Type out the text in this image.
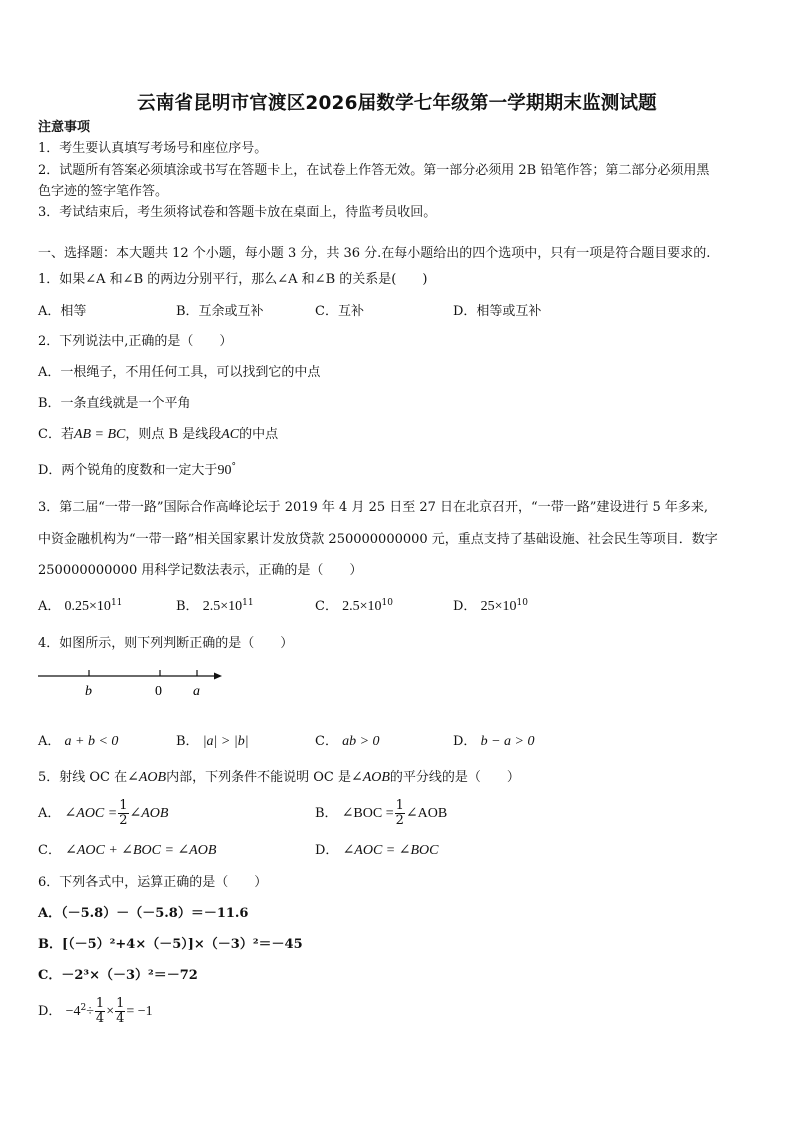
云南省昆明市官渡区2026届数学七年级第一学期期末监测试题
注意事项
1．考生要认真填写考场号和座位序号。
2．试题所有答案必须填涂或书写在答题卡上，在试卷上作答无效。第一部分必须用 2B 铅笔作答；第二部分必须用黑
色字迹的签字笔作答。
3．考试结束后，考生须将试卷和答题卡放在桌面上，待监考员收回。
一、选择题：本大题共 12 个小题，每小题 3 分，共 36 分.在每小题给出的四个选项中，只有一项是符合题目要求的.
1．如果∠A 和∠B 的两边分别平行，那么∠A 和∠B 的关系是(　　)
A．相等	B．互余或互补	C．互补	D．相等或互补
2．下列说法中,正确的是（　　）
A．一根绳子，不用任何工具，可以找到它的中点
B．一条直线就是一个平角
C．若AB = BC，则点 B 是线段AC的中点
D．两个锐角的度数和一定大于90°
3．第二届“一带一路”国际合作高峰论坛于 2019 年 4 月 25 日至 27 日在北京召开，“一带一路”建设进行 5 年多来,
中资金融机构为“一带一路”相关国家累计发放贷款 250000000000 元，重点支持了基础设施、社会民生等项目．数字
250000000000 用科学记数法表示，正确的是（　　）
A． $0.25\times 10^{11}$	B． $2.5\times 10^{11}$	C． $2.5\times 10^{10}$	D． $25\times 10^{10}$
4．如图所示，则下列判断正确的是（　　）
b	0 a
A． a + b < 0	B． |a| > |b|	C． ab > 0	D． b − a > 0
5．射线 OC 在∠AOB内部，下列条件不能说明 OC 是∠AOB的平分线的是（　　）
A． ∠AOC = $\frac{1}{2}$ ∠AOB	B． ∠BOC = $\frac{1}{2}$ ∠AOB
C． ∠AOC + ∠BOC = ∠AOB	D． ∠AOC = ∠BOC
6．下列各式中，运算正确的是（　　）
A．（－5.8）－（－5.8）＝－11.6
B．[（－5）²+4×（－5）]×（－3）²＝－45
C．－2³×（－3）²＝－72
D． $-4^2\div \frac{1}{4} \times \frac{1}{4} = -1$
